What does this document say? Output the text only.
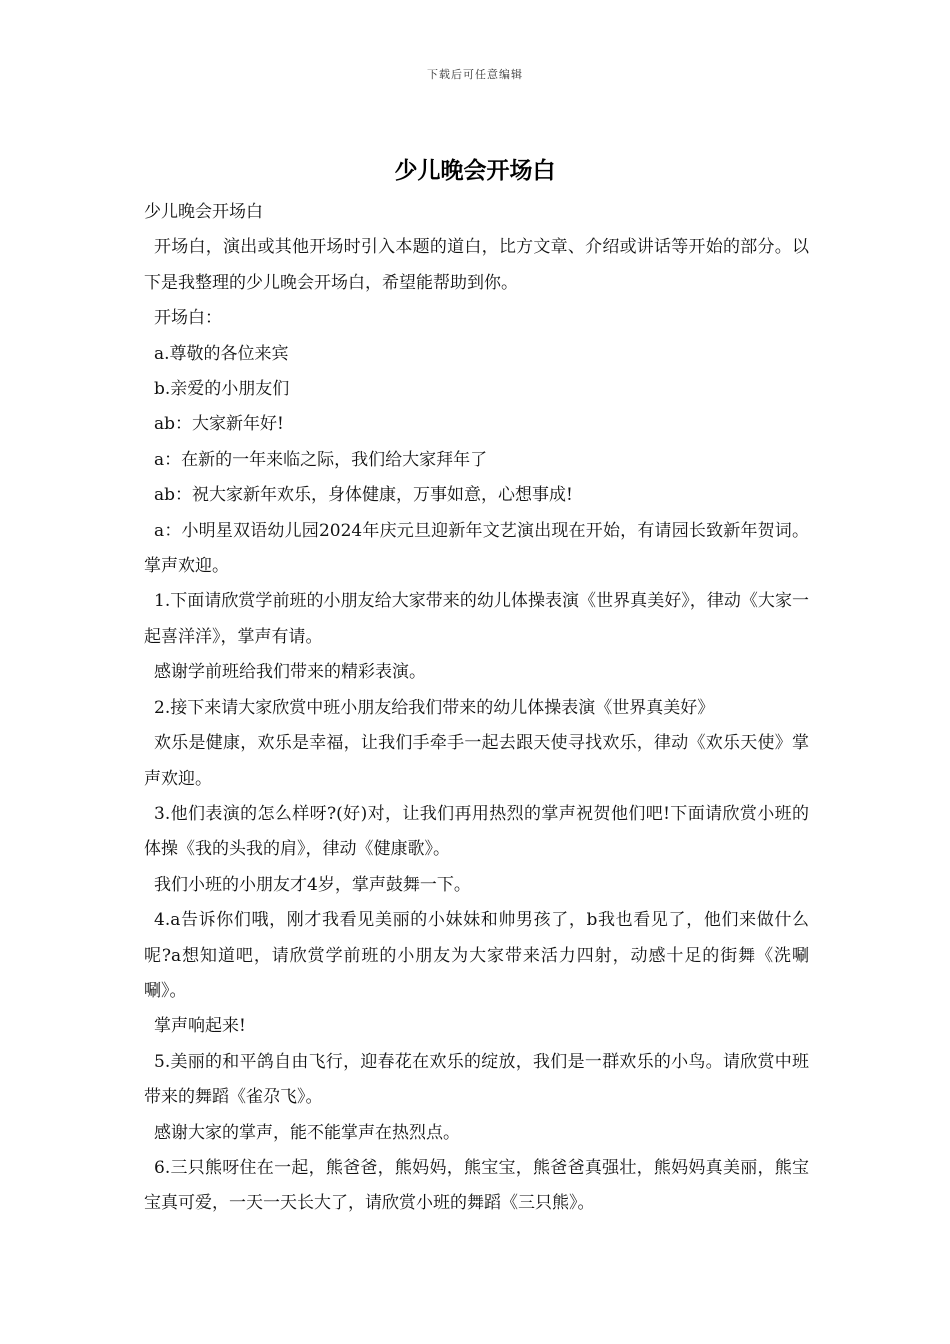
下载后可任意编辑
少儿晚会开场白

少儿晚会开场白

开场白，演出或其他开场时引入本题的道白，比方文章、介绍或讲话等开始的部分。以下是我整理的少儿晚会开场白，希望能帮助到你。

开场白：

a.尊敬的各位来宾

b.亲爱的小朋友们

ab：大家新年好!

a：在新的一年来临之际，我们给大家拜年了

ab：祝大家新年欢乐，身体健康，万事如意，心想事成!

a：小明星双语幼儿园2024年庆元旦迎新年文艺演出现在开始，有请园长致新年贺词。掌声欢迎。

1.下面请欣赏学前班的小朋友给大家带来的幼儿体操表演《世界真美好》，律动《大家一起喜洋洋》，掌声有请。

感谢学前班给我们带来的精彩表演。

2.接下来请大家欣赏中班小朋友给我们带来的幼儿体操表演《世界真美好》

欢乐是健康，欢乐是幸福，让我们手牵手一起去跟天使寻找欢乐，律动《欢乐天使》掌声欢迎。

3.他们表演的怎么样呀?(好)对，让我们再用热烈的掌声祝贺他们吧!下面请欣赏小班的体操《我的头我的肩》，律动《健康歌》。

我们小班的小朋友才4岁，掌声鼓舞一下。

4.a告诉你们哦，刚才我看见美丽的小妹妹和帅男孩了，b我也看见了，他们来做什么呢?a想知道吧，请欣赏学前班的小朋友为大家带来活力四射，动感十足的街舞《洗唰唰》。

掌声响起来!

5.美丽的和平鸽自由飞行，迎春花在欢乐的绽放，我们是一群欢乐的小鸟。请欣赏中班带来的舞蹈《雀尕飞》。

感谢大家的掌声，能不能掌声在热烈点。

6.三只熊呀住在一起，熊爸爸，熊妈妈，熊宝宝，熊爸爸真强壮，熊妈妈真美丽，熊宝宝真可爱，一天一天长大了，请欣赏小班的舞蹈《三只熊》。
